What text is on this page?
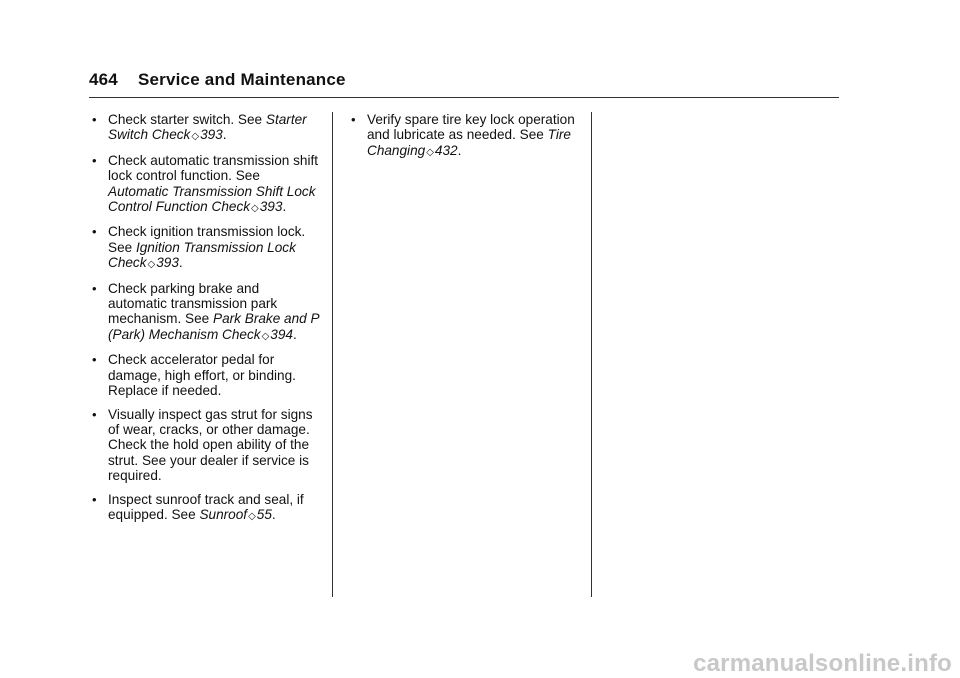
464 Service and Maintenance
• Check starter switch. See Starter Switch Check◇393.
• Check automatic transmission shift lock control function. See Automatic Transmission Shift Lock Control Function Check◇393.
• Check ignition transmission lock. See Ignition Transmission Lock Check◇393.
• Check parking brake and automatic transmission park mechanism. See Park Brake and P (Park) Mechanism Check◇394.
• Check accelerator pedal for damage, high effort, or binding. Replace if needed.
• Visually inspect gas strut for signs of wear, cracks, or other damage. Check the hold open ability of the strut. See your dealer if service is required.
• Inspect sunroof track and seal, if equipped. See Sunroof◇55.
• Verify spare tire key lock operation and lubricate as needed. See Tire Changing◇432.
carmanualsonline.info
